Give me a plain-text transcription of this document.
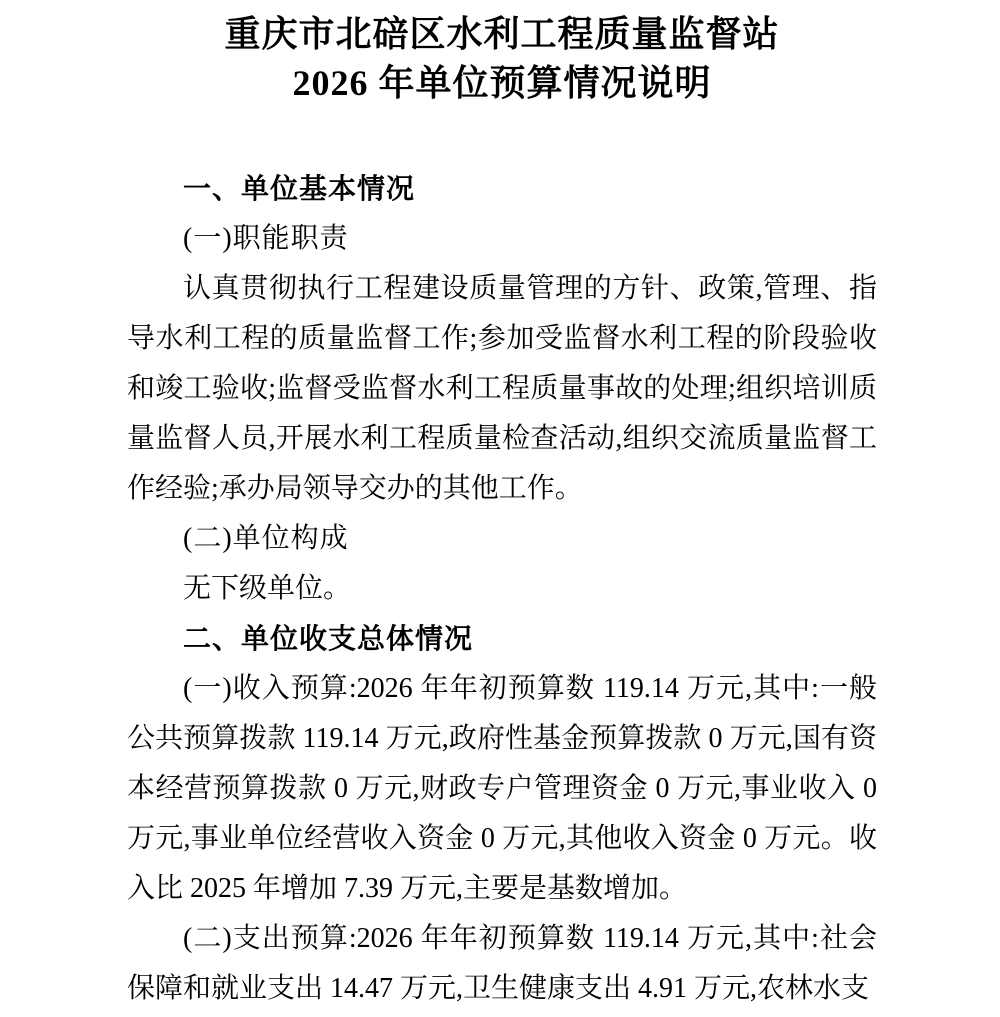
重庆市北碚区水利工程质量监督站
2026 年单位预算情况说明

一、单位基本情况

(一)职能职责

认真贯彻执行工程建设质量管理的方针、政策,管理、指导水利工程的质量监督工作;参加受监督水利工程的阶段验收和竣工验收;监督受监督水利工程质量事故的处理;组织培训质量监督人员,开展水利工程质量检查活动,组织交流质量监督工作经验;承办局领导交办的其他工作。

(二)单位构成

无下级单位。

二、单位收支总体情况

(一)收入预算:2026 年年初预算数 119.14 万元,其中:一般公共预算拨款 119.14 万元,政府性基金预算拨款 0 万元,国有资本经营预算拨款 0 万元,财政专户管理资金 0 万元,事业收入 0 万元,事业单位经营收入资金 0 万元,其他收入资金 0 万元。收入比 2025 年增加 7.39 万元,主要是基数增加。

(二)支出预算:2026 年年初预算数 119.14 万元,其中:社会保障和就业支出 14.47 万元,卫生健康支出 4.91 万元,农林水支
